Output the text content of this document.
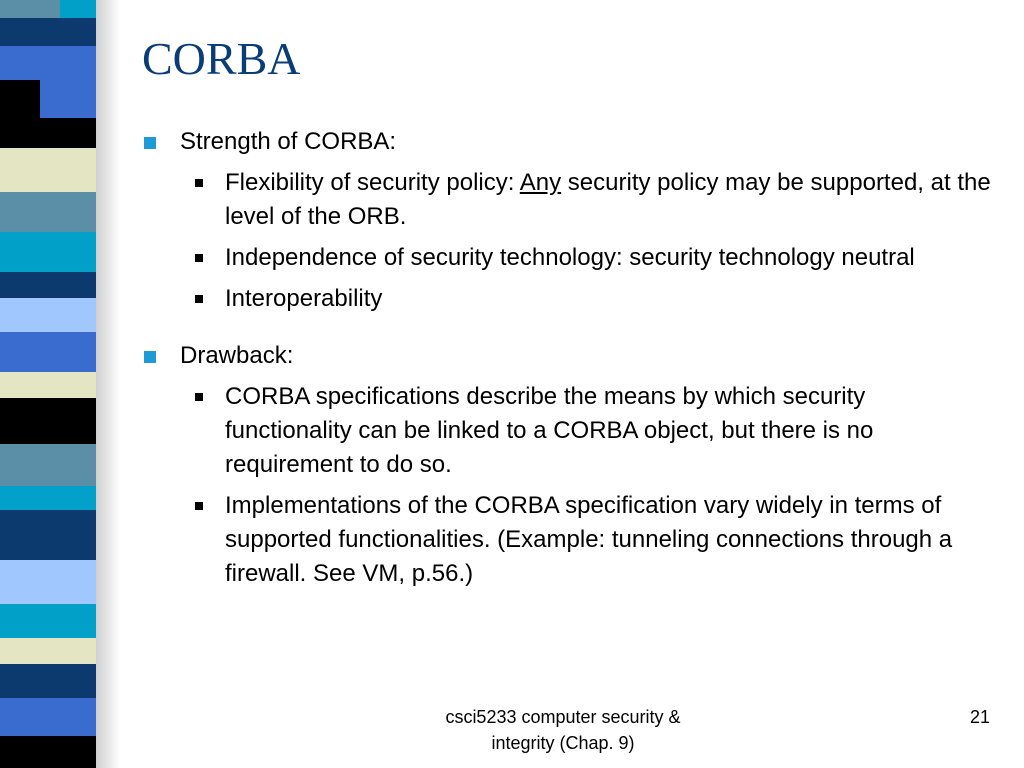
CORBA
Strength of CORBA:
Flexibility of security policy: Any security policy may be supported, at the level of the ORB.
Independence of security technology: security technology neutral
Interoperability
Drawback:
CORBA specifications describe the means by which security functionality can be linked to a CORBA object, but there is no requirement to do so.
Implementations of the CORBA specification vary widely in terms of supported functionalities. (Example: tunneling connections through a firewall. See VM, p.56.)
csci5233 computer security &
integrity (Chap. 9)
21
